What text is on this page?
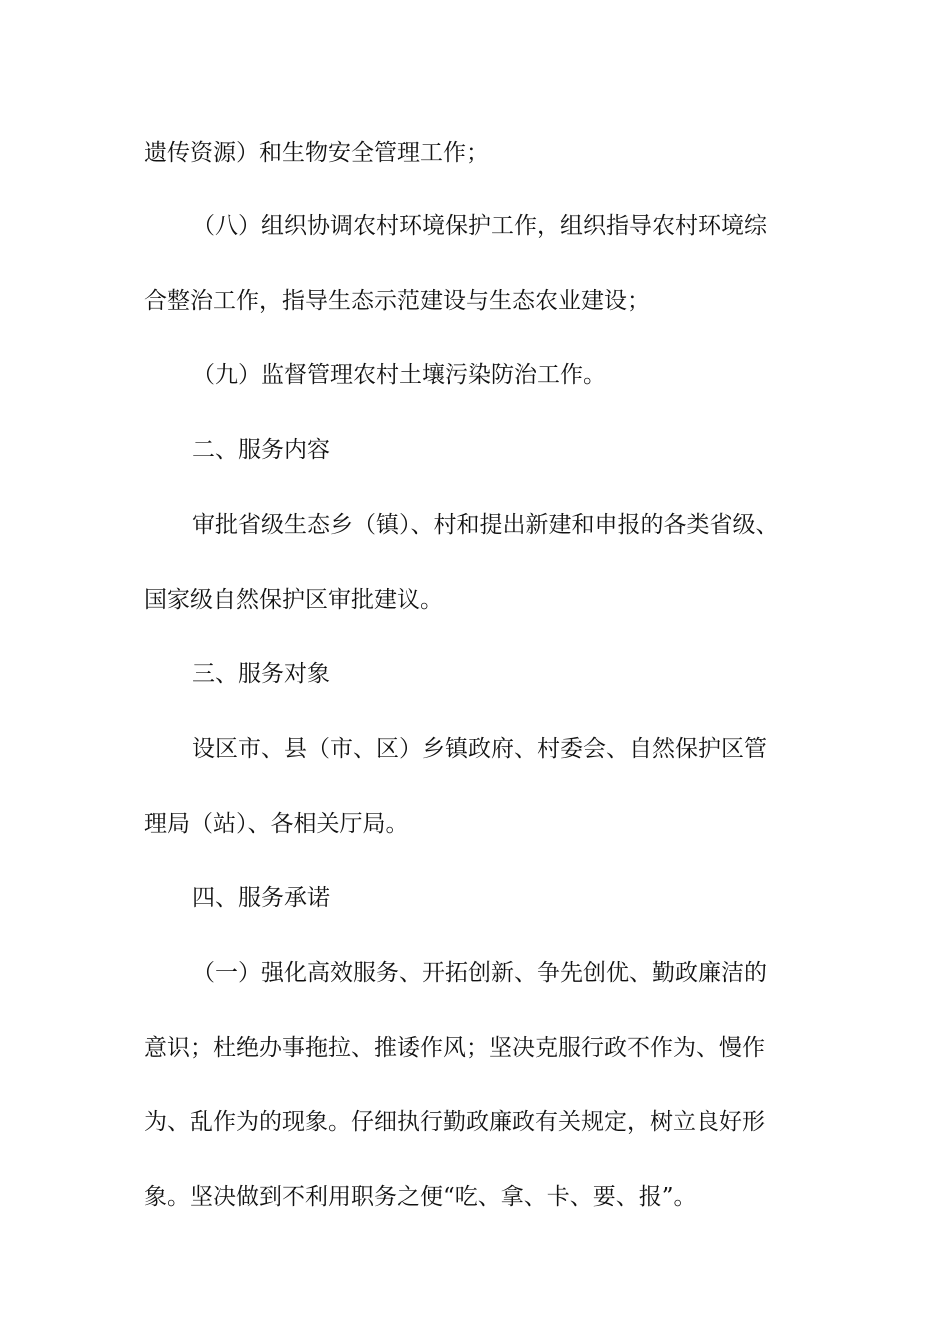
遗传资源）和生物安全管理工作；
（八）组织协调农村环境保护工作，组织指导农村环境综
合整治工作，指导生态示范建设与生态农业建设；
（九）监督管理农村土壤污染防治工作。
二、服务内容
审批省级生态乡（镇）、村和提出新建和申报的各类省级、
国家级自然保护区审批建议。
三、服务对象
设区市、县（市、区）乡镇政府、村委会、自然保护区管
理局（站）、各相关厅局。
四、服务承诺
（一）强化高效服务、开拓创新、争先创优、勤政廉洁的
意识；杜绝办事拖拉、推诿作风；坚决克服行政不作为、慢作
为、乱作为的现象。仔细执行勤政廉政有关规定，树立良好形
象。坚决做到不利用职务之便“吃、拿、卡、要、报”。
